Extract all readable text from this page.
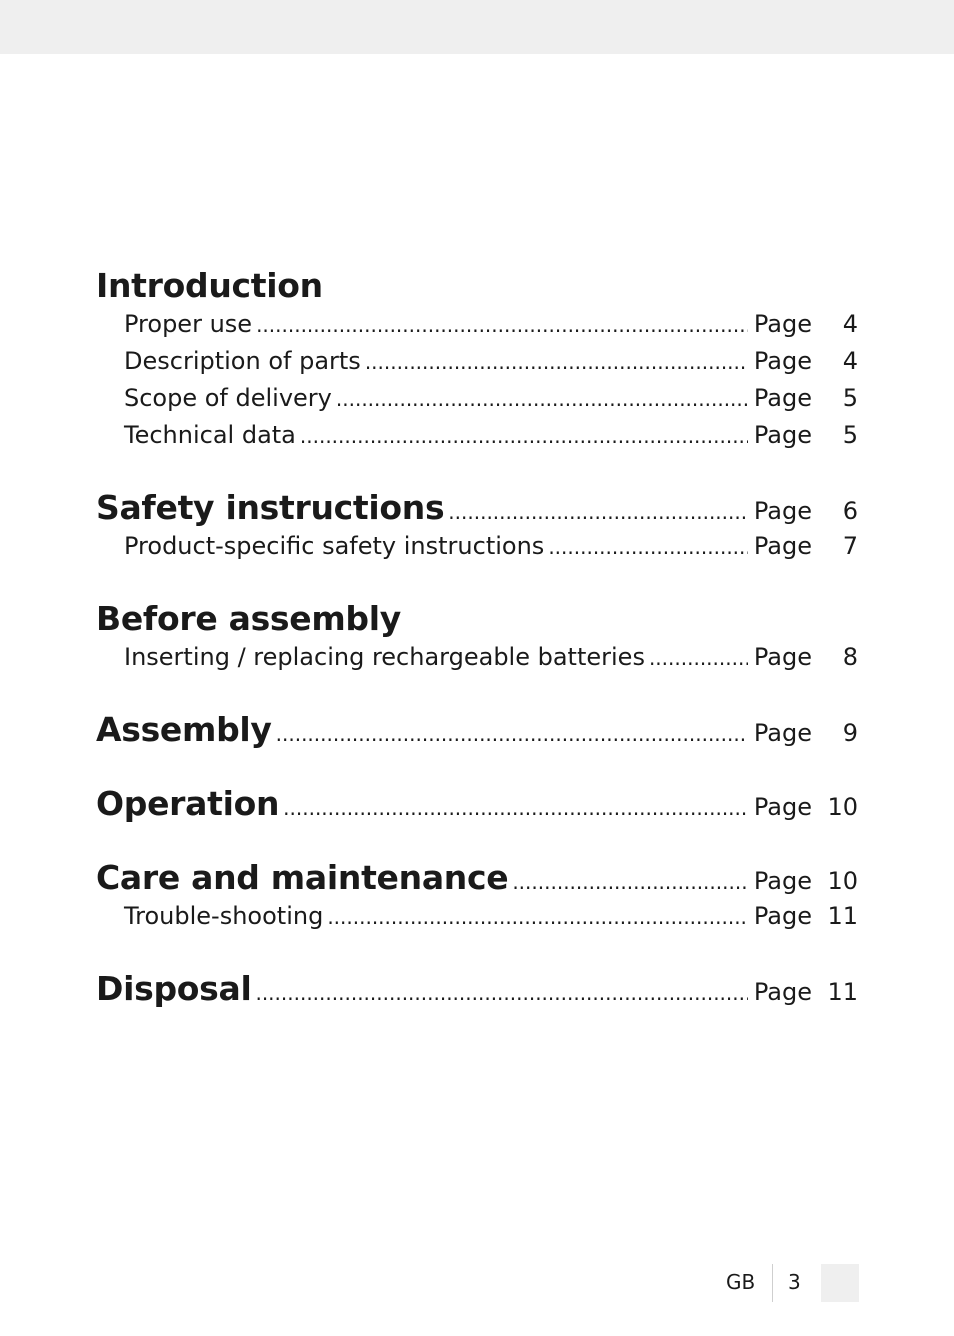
Introduction
Proper use .....	Page 4
Description of parts .....	Page 4
Scope of delivery .....	Page 5
Technical data .....	Page 5
Safety instructions .....	Page 6
Product-specific safety instructions .....	Page 7
Before assembly
Inserting / replacing rechargeable batteries .....	Page 8
Assembly .....	Page 9
Operation .....	Page 10
Care and maintenance .....	Page 10
Trouble-shooting .....	Page 11
Disposal .....	Page 11
GB 3
